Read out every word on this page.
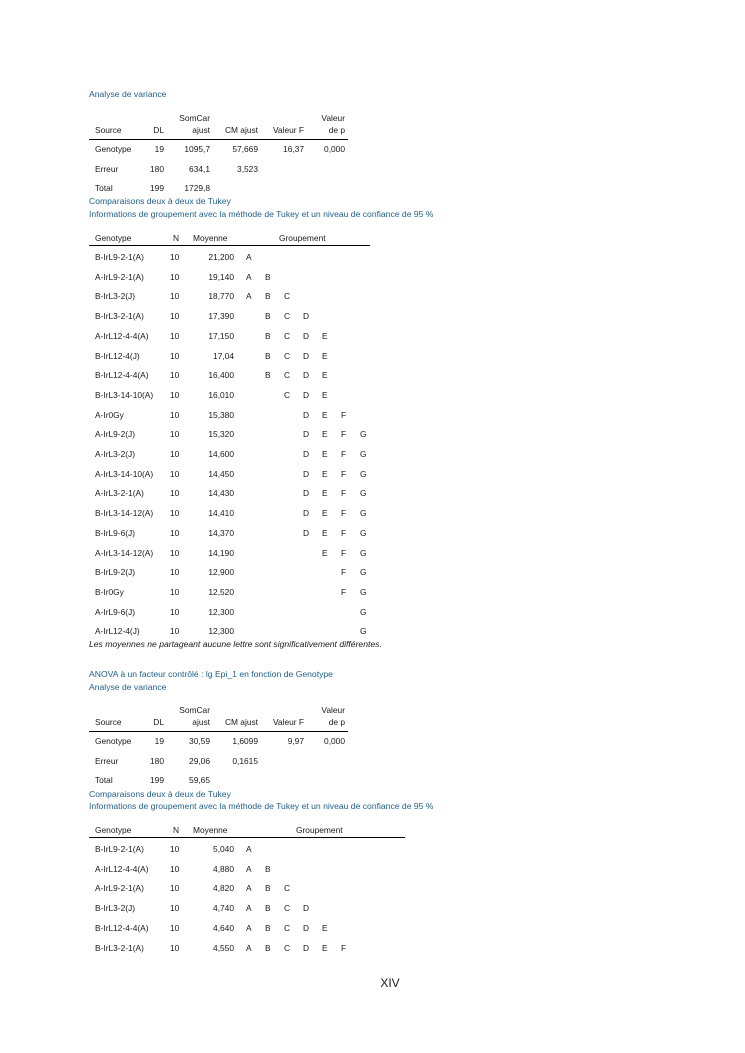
Analyse de variance
Source	DL
SomCar
ajust	CM ajust	Valeur F
Valeur
de p
Genotype	19	1095,7	57,669	16,37	0,000
Erreur	180	634,1	3,523
Total	199	1729,8
Comparaisons deux à deux de Tukey
Informations de groupement avec la méthode de Tukey et un niveau de confiance de 95 %
Genotype	N	Moyenne	Groupement
B-IrL9-2-1(A)	10	21,200 A
A-IrL9-2-1(A)	10	19,140 A	B
B-IrL3-2(J)	10	18,770 A	B	C
B-IrL3-2-1(A)	10	17,390	B	C	D
A-IrL12-4-4(A)	10	17,150	B	C	D	E
B-IrL12-4(J)	10	17,04	B	C	D	E
B-IrL12-4-4(A)	10	16,400	B	C	D	E
B-IrL3-14-10(A)	10	16,010	C	D	E
A-Ir0Gy	10	15,380	D	E	F
A-IrL9-2(J)	10	15,320	D	E	F	G
A-IrL3-2(J)	10	14,600	D	E	F	G
A-IrL3-14-10(A)	10	14,450	D	E	F	G
A-IrL3-2-1(A)	10	14,430	D	E	F	G
B-IrL3-14-12(A)	10	14,410	D	E	F	G
B-IrL9-6(J)	10	14,370	D	E	F	G
A-IrL3-14-12(A)	10	14,190	E	F	G
B-IrL9-2(J)	10	12,900	F	G
B-Ir0Gy	10	12,520	F	G
A-IrL9-6(J)	10	12,300	G
A-IrL12-4(J)	10	12,300	G
Les moyennes ne partageant aucune lettre sont significativement différentes.
ANOVA à un facteur contrôlé : lg Epi_1 en fonction de Genotype
Analyse de variance
Source	DL
SomCar
ajust	CM ajust	Valeur F
Valeur
de p
Genotype	19	30,59	1,6099	9,97	0,000
Erreur	180	29,06	0,1615
Total	199	59,65
Comparaisons deux à deux de Tukey
Informations de groupement avec la méthode de Tukey et un niveau de confiance de 95 %
Genotype	N	Moyenne	Groupement
B-IrL9-2-1(A)	10	5,040 A
A-IrL12-4-4(A)	10	4,880 A	B
A-IrL9-2-1(A)	10	4,820 A	B	C
B-IrL3-2(J)	10	4,740 A	B	C	D
B-IrL12-4-4(A)	10	4,640 A	B	C	D	E
B-IrL3-2-1(A)	10	4,550 A	B	C	D	E	F
XIV
